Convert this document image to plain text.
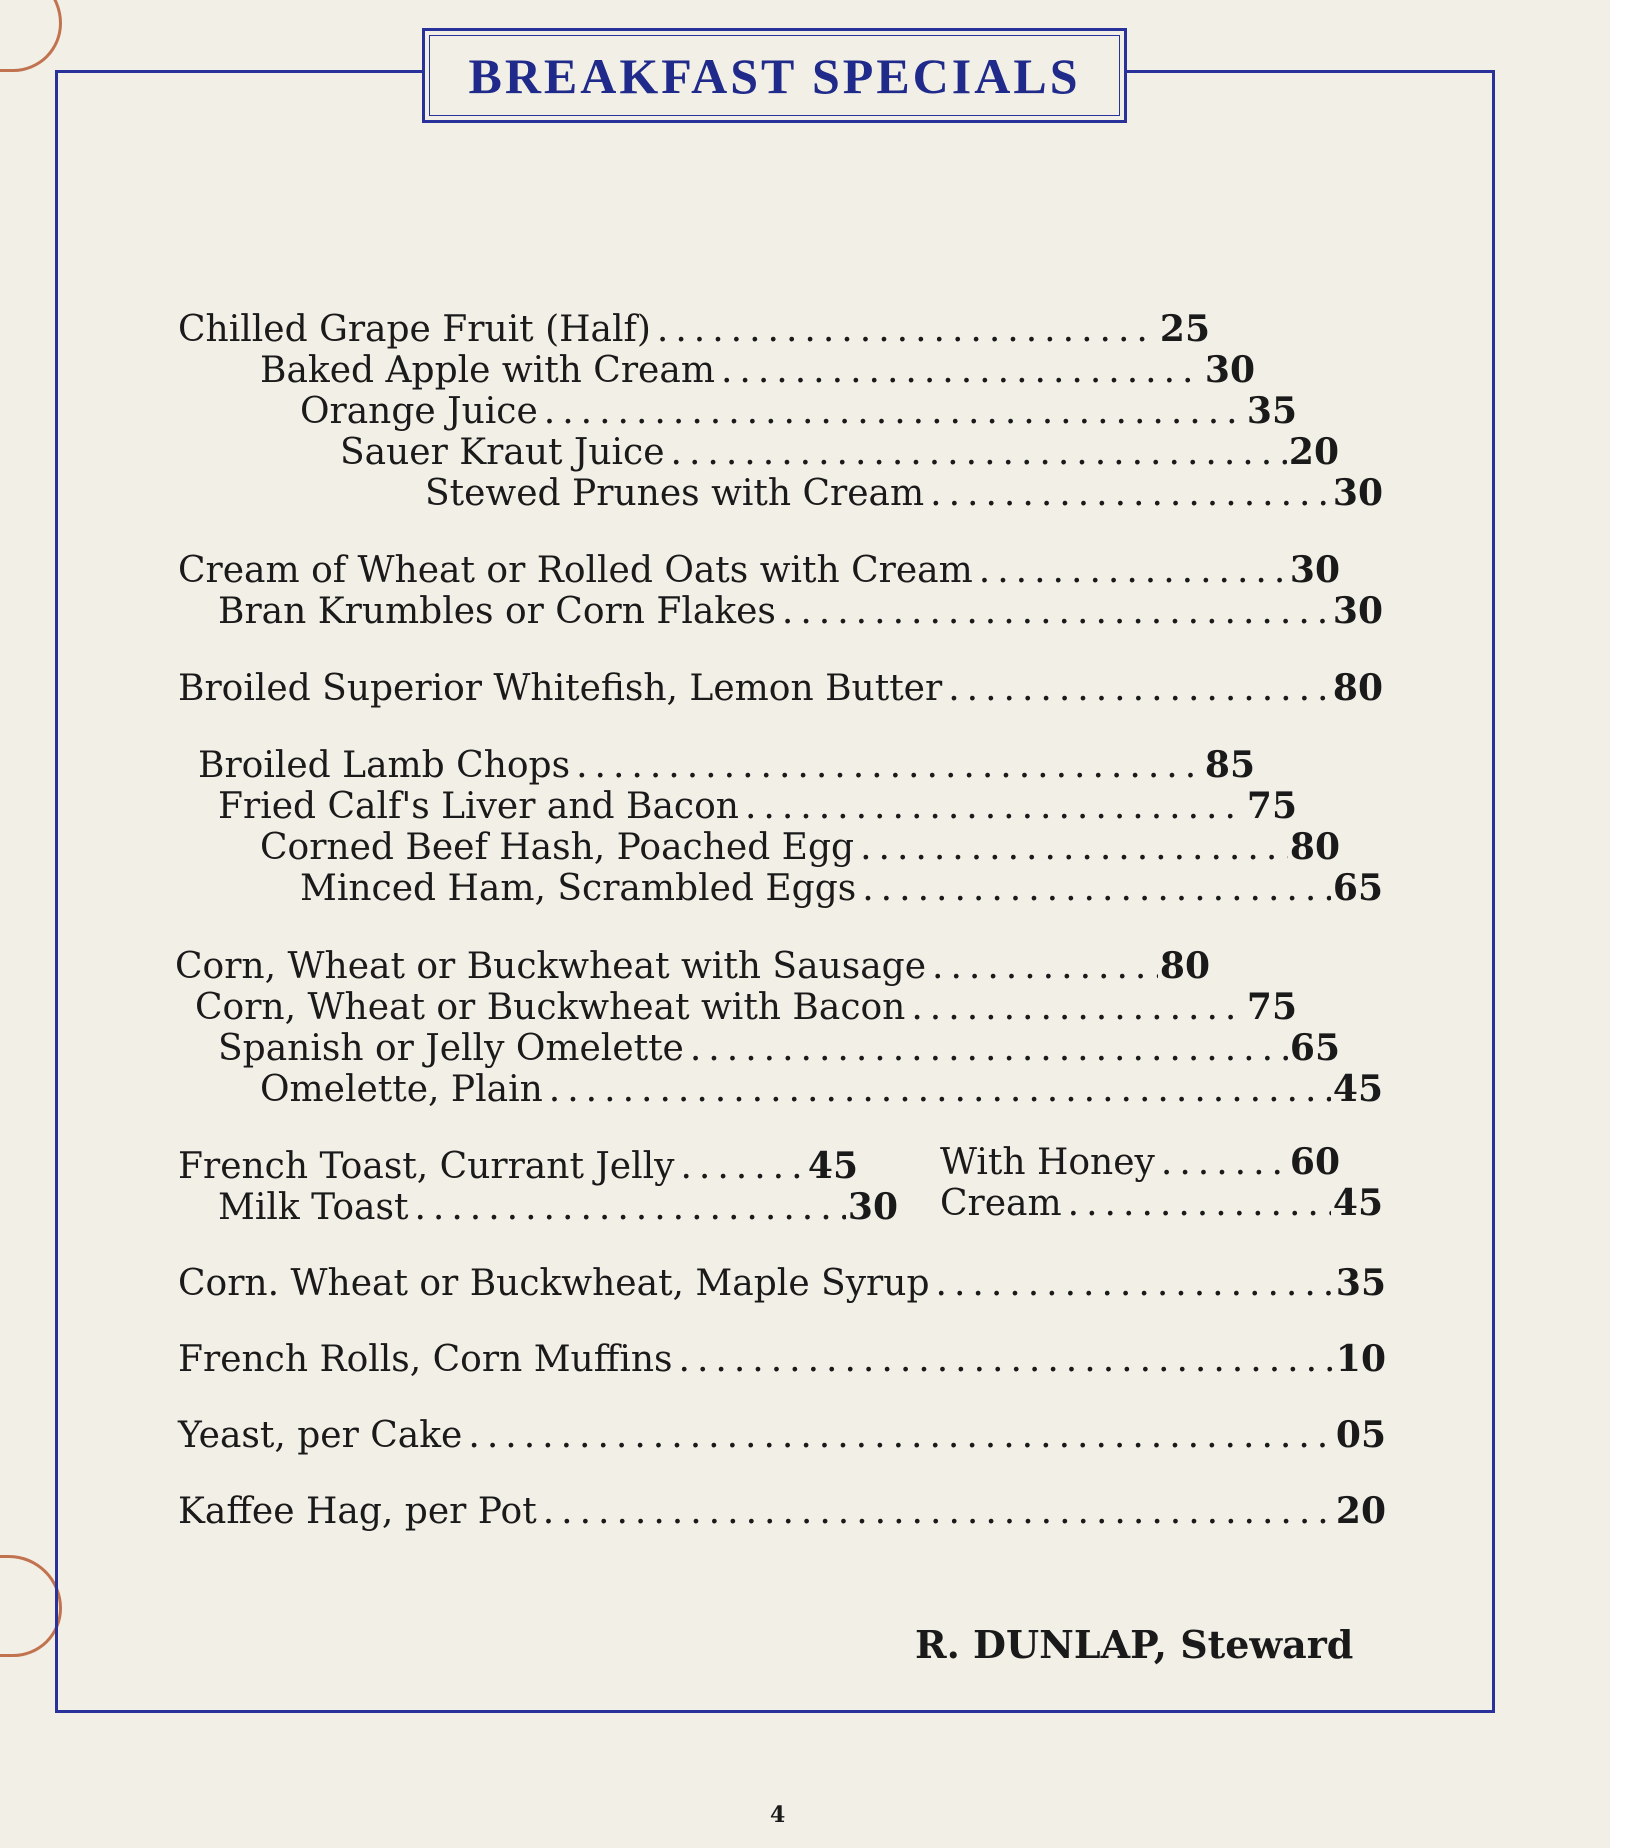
BREAKFAST SPECIALS
Chilled Grape Fruit (Half) .....	25
Baked Apple with Cream .....	30
Orange Juice .....	35
Sauer Kraut Juice .....	20
Stewed Prunes with Cream .....	30
Cream of Wheat or Rolled Oats with Cream .....	30
Bran Krumbles or Corn Flakes .....	30
Broiled Superior Whitefish, Lemon Butter .....	80
Broiled Lamb Chops .....	85
Fried Calf's Liver and Bacon .....	75
Corned Beef Hash, Poached Egg .....	80
Minced Ham, Scrambled Eggs .....	65
Corn, Wheat or Buckwheat with Sausage .....	80
Corn, Wheat or Buckwheat with Bacon .....	75
Spanish or Jelly Omelette .....	65
Omelette, Plain .....	45
French Toast, Currant Jelly .....	45 With Honey .....	60
Milk Toast .....	30 Cream .....	45
Corn. Wheat or Buckwheat, Maple Syrup .....	35
French Rolls, Corn Muffins .....	10
Yeast, per Cake .....	05
Kaffee Hag, per Pot .....	20
R. DUNLAP, Steward
4
